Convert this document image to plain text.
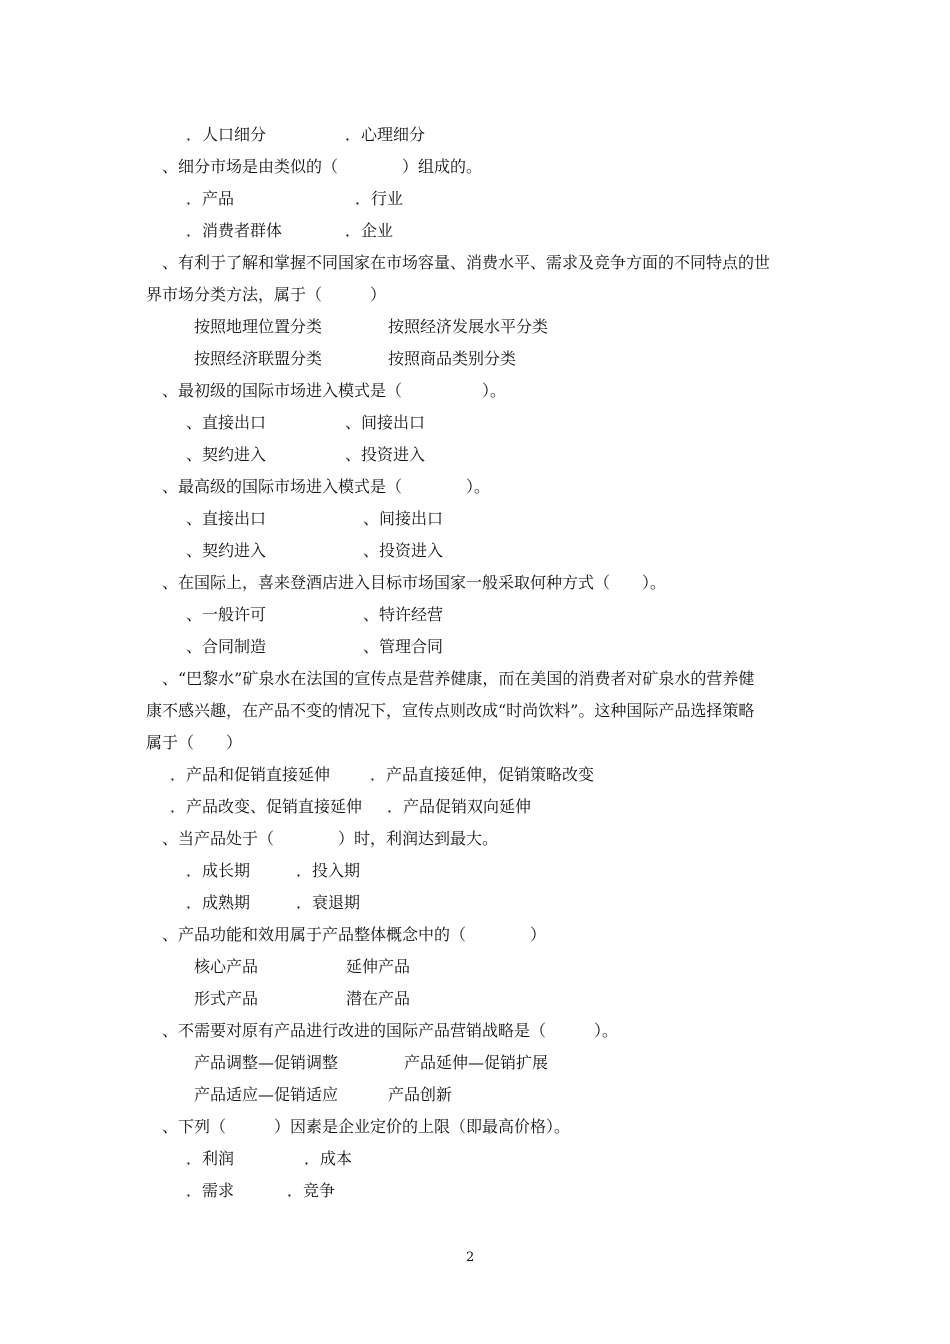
．人口细分	．心理细分
、细分市场是由类似的（　　　　）组成的。
．产品	．行业
．消费者群体	．企业
、有利于了解和掌握不同国家在市场容量、消费水平、需求及竞争方面的不同特点的世
界市场分类方法，属于（　　　）
按照地理位置分类	按照经济发展水平分类
按照经济联盟分类	按照商品类别分类
、最初级的国际市场进入模式是（　　　　　）。
、直接出口	、间接出口
、契约进入	、投资进入
、最高级的国际市场进入模式是（　　　　）。
、直接出口	、间接出口
、契约进入	、投资进入
、在国际上，喜来登酒店进入目标市场国家一般采取何种方式（　　）。
、一般许可	、特许经营
、合同制造	、管理合同
、“巴黎水”矿泉水在法国的宣传点是营养健康，而在美国的消费者对矿泉水的营养健
康不感兴趣，在产品不变的情况下，宣传点则改成“时尚饮料”。这种国际产品选择策略
属于（　　）
．产品和促销直接延伸 ．产品直接延伸，促销策略改变
．产品改变、促销直接延伸 ．产品促销双向延伸
、当产品处于（　　　　）时，利润达到最大。
．成长期	．投入期
．成熟期	．衰退期
、产品功能和效用属于产品整体概念中的（　　　　）
核心产品	延伸产品
形式产品	潜在产品
、不需要对原有产品进行改进的国际产品营销战略是（　　　）。
产品调整—促销调整	产品延伸—促销扩展
产品适应—促销适应	产品创新
、下列（　　　）因素是企业定价的上限（即最高价格）。
．利润	．成本
．需求	．竞争
2
